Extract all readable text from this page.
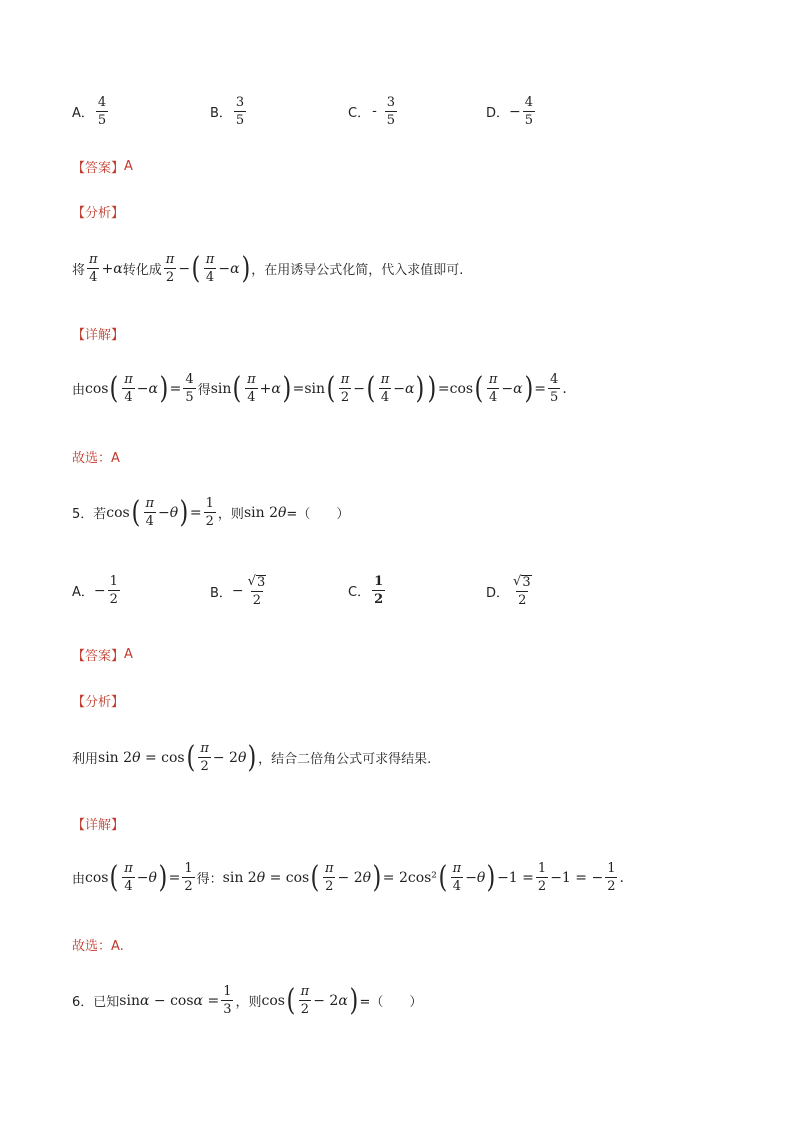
A． $\frac{4}{5}$	B． $\frac{3}{5}$	C． - $\frac{3}{5}$	D． − $\frac{4}{5}$
【答案】 A
【分析】
将 $\frac{\pi}{4} + \alpha$ 转化成 $\frac{\pi}{2}$ − ( $\frac{\pi}{4} - \alpha$ ) ，在用诱导公式化简，代入求值即可.
【详解】
由 cos ( $\frac{\pi}{4} - \alpha$ ) = $\frac{4}{5}$ 得 sin ( $\frac{\pi}{4} + \alpha$ ) = sin ( $\frac{\pi}{2}$ − ( $\frac{\pi}{4} - \alpha$ ) ) = cos ( $\frac{\pi}{4} - \alpha$ ) = $\frac{4}{5}$ .
故选：A
5．若 cos ( $\frac{\pi}{4} - \theta$ ) = $\frac{1}{2}$ ，则 sin 2 θ =（　　）
A． − $\frac{1}{2}$	B． − $\frac{√ 3}{2}$	C． $\frac{1}{2}$	D． $\frac{√ 3}{2}$
【答案】 A
【分析】
利用 sin 2 θ = cos ( $\frac{\pi}{2} - 2$ θ ) ，结合二倍角公式可求得结果.
【详解】
由 cos ( $\frac{\pi}{4} - \theta$ ) = $\frac{1}{2}$ 得： sin 2 θ = cos ( $\frac{\pi}{2} - 2$ θ ) = 2cos² ( $\frac{\pi}{4} - \theta$ ) $-1 = \frac{1}{2} -1$ = − $\frac{1}{2}$ .
故选：A.
6．已知 $\sin \alpha - \cos \alpha = \frac{1}{3}$ ，则 cos ( $\frac{\pi}{2} - 2$ α ) =（　　）
